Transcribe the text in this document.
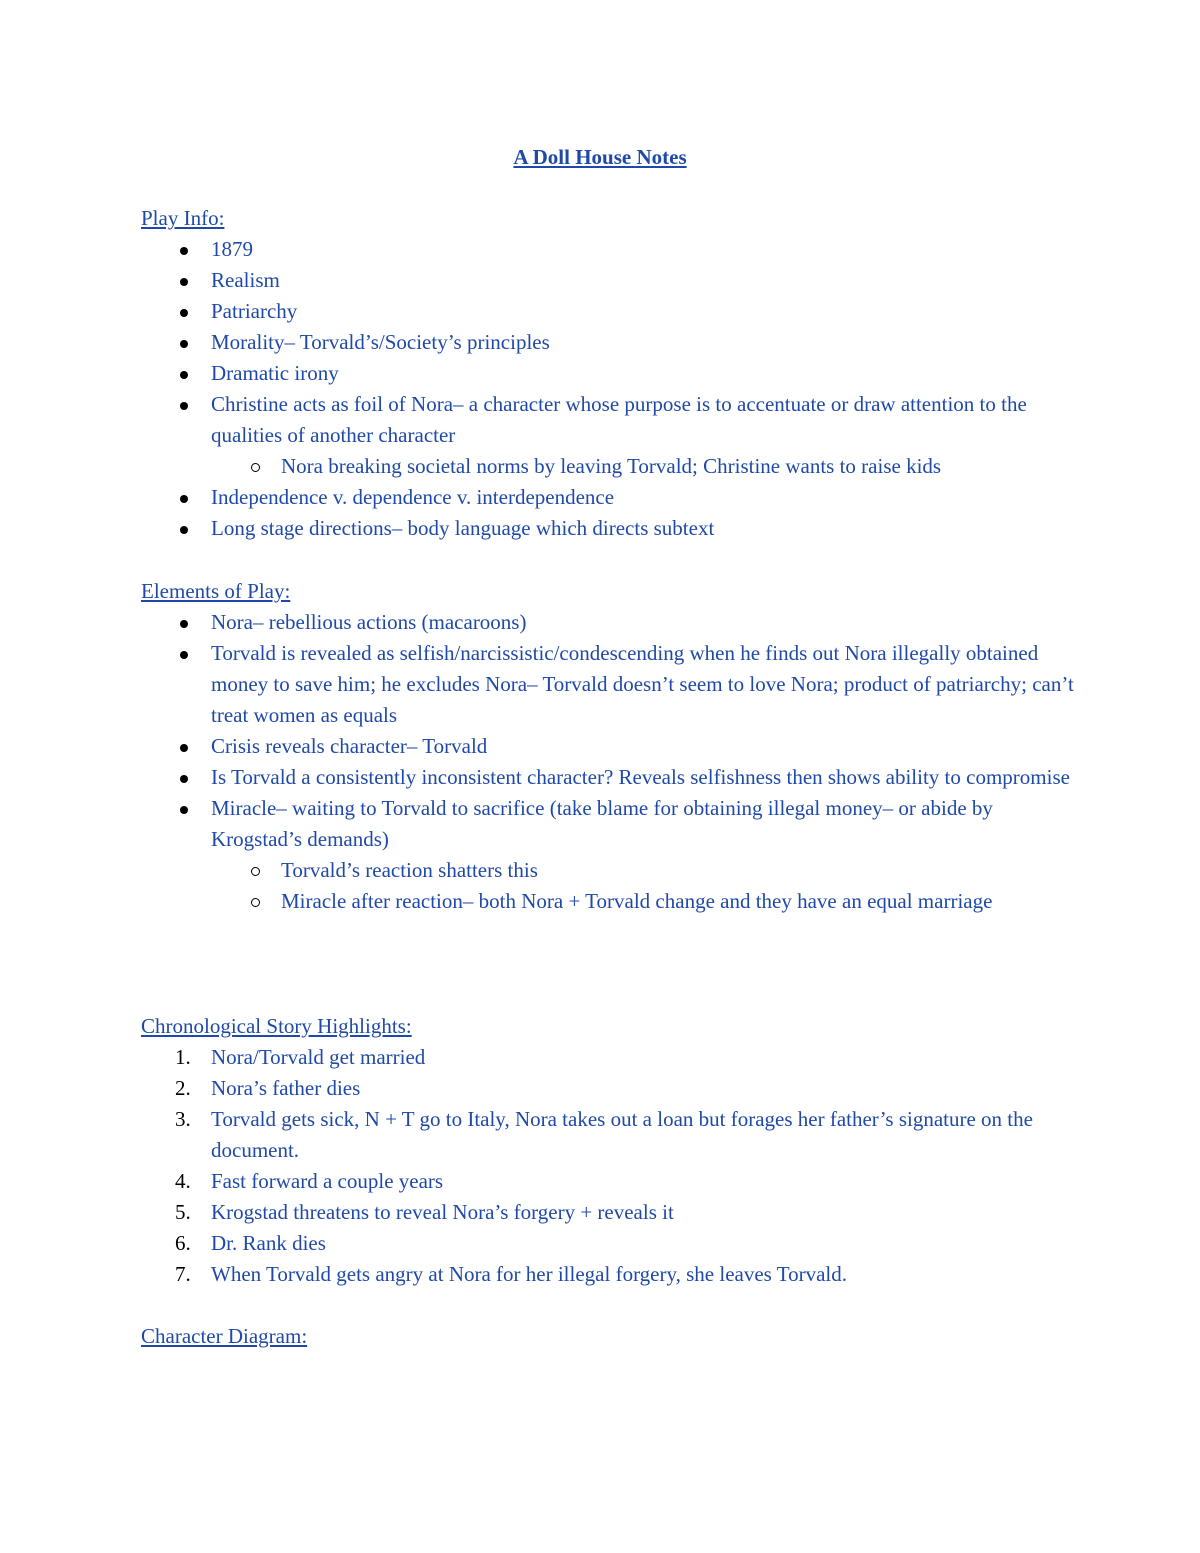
A Doll House Notes
Play Info:
1879
Realism
Patriarchy
Morality– Torvald’s/Society’s principles
Dramatic irony
Christine acts as foil of Nora– a character whose purpose is to accentuate or draw attention to the qualities of another character
Nora breaking societal norms by leaving Torvald; Christine wants to raise kids
Independence v. dependence v. interdependence
Long stage directions– body language which directs subtext
Elements of Play:
Nora– rebellious actions (macaroons)
Torvald is revealed as selfish/narcissistic/condescending when he finds out Nora illegally obtained money to save him; he excludes Nora– Torvald doesn’t seem to love Nora; product of patriarchy; can’t treat women as equals
Crisis reveals character– Torvald
Is Torvald a consistently inconsistent character? Reveals selfishness then shows ability to compromise
Miracle– waiting to Torvald to sacrifice (take blame for obtaining illegal money– or abide by Krogstad’s demands)
Torvald’s reaction shatters this
Miracle after reaction– both Nora + Torvald change and they have an equal marriage
Chronological Story Highlights:
1. Nora/Torvald get married
2. Nora’s father dies
3. Torvald gets sick, N + T go to Italy, Nora takes out a loan but forages her father’s signature on the document.
4. Fast forward a couple years
5. Krogstad threatens to reveal Nora’s forgery + reveals it
6. Dr. Rank dies
7. When Torvald gets angry at Nora for her illegal forgery, she leaves Torvald.
Character Diagram:
